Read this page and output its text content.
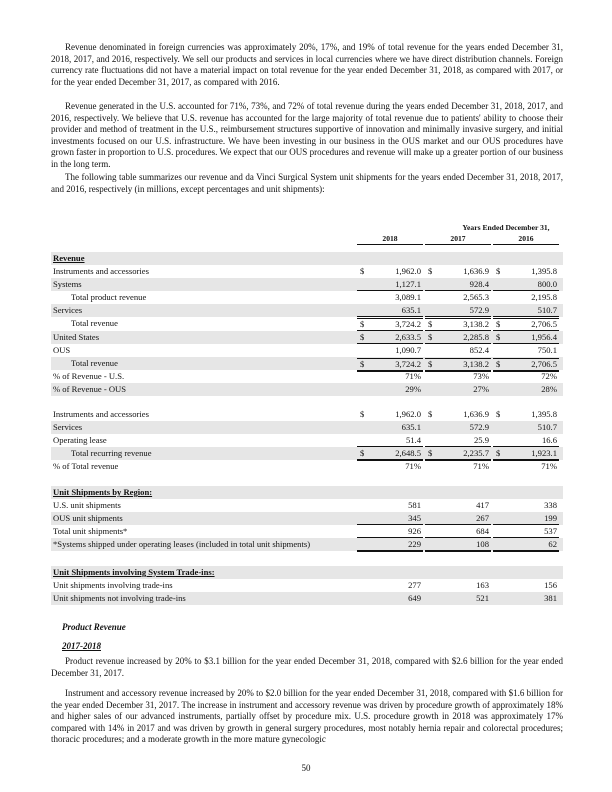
Revenue denominated in foreign currencies was approximately 20%, 17%, and 19% of total revenue for the years ended December 31, 2018, 2017, and 2016, respectively. We sell our products and services in local currencies where we have direct distribution channels. Foreign currency rate fluctuations did not have a material impact on total revenue for the year ended December 31, 2018, as compared with 2017, or for the year ended December 31, 2017, as compared with 2016.

Revenue generated in the U.S. accounted for 71%, 73%, and 72% of total revenue during the years ended December 31, 2018, 2017, and 2016, respectively. We believe that U.S. revenue has accounted for the large majority of total revenue due to patients' ability to choose their provider and method of treatment in the U.S., reimbursement structures supportive of innovation and minimally invasive surgery, and initial investments focused on our U.S. infrastructure. We have been investing in our business in the OUS market and our OUS procedures have grown faster in proportion to U.S. procedures. We expect that our OUS procedures and revenue will make up a greater portion of our business in the long term.

The following table summarizes our revenue and da Vinci Surgical System unit shipments for the years ended December 31, 2018, 2017, and 2016, respectively (in millions, except percentages and unit shipments):

Years Ended December 31,
2018	2017	2016
Revenue
Instruments and accessories	$	1,962.0 $	1,636.9 $	1,395.8
Systems	1,127.1	928.4	800.0
Total product revenue	3,089.1	2,565.3	2,195.8
Services	635.1	572.9	510.7
Total revenue	$	3,724.2 $	3,138.2 $	2,706.5
United States	$	2,633.5 $	2,285.8 $	1,956.4
OUS	1,090.7	852.4	750.1
Total revenue	$	3,724.2 $	3,138.2 $	2,706.5
% of Revenue - U.S.	71%	73%	72%
% of Revenue - OUS	29%	27%	28%
Instruments and accessories	$	1,962.0 $	1,636.9 $	1,395.8
Services	635.1	572.9	510.7
Operating lease	51.4	25.9	16.6
Total recurring revenue	$	2,648.5 $	2,235.7 $	1,923.1
% of Total revenue	71%	71%	71%
Unit Shipments by Region:
U.S. unit shipments	581	417	338
OUS unit shipments	345	267	199
Total unit shipments*	926	684	537
*Systems shipped under operating leases (included in total unit shipments)	229	108	62
Unit Shipments involving System Trade-ins:
Unit shipments involving trade-ins	277	163	156
Unit shipments not involving trade-ins	649	521	381
Product Revenue
2017-2018

Product revenue increased by 20% to $3.1 billion for the year ended December 31, 2018, compared with $2.6 billion for the year ended December 31, 2017.

Instrument and accessory revenue increased by 20% to $2.0 billion for the year ended December 31, 2018, compared with $1.6 billion for the year ended December 31, 2017. The increase in instrument and accessory revenue was driven by procedure growth of approximately 18% and higher sales of our advanced instruments, partially offset by procedure mix. U.S. procedure growth in 2018 was approximately 17% compared with 14% in 2017 and was driven by growth in general surgery procedures, most notably hernia repair and colorectal procedures; thoracic procedures; and a moderate growth in the more mature gynecologic

50
